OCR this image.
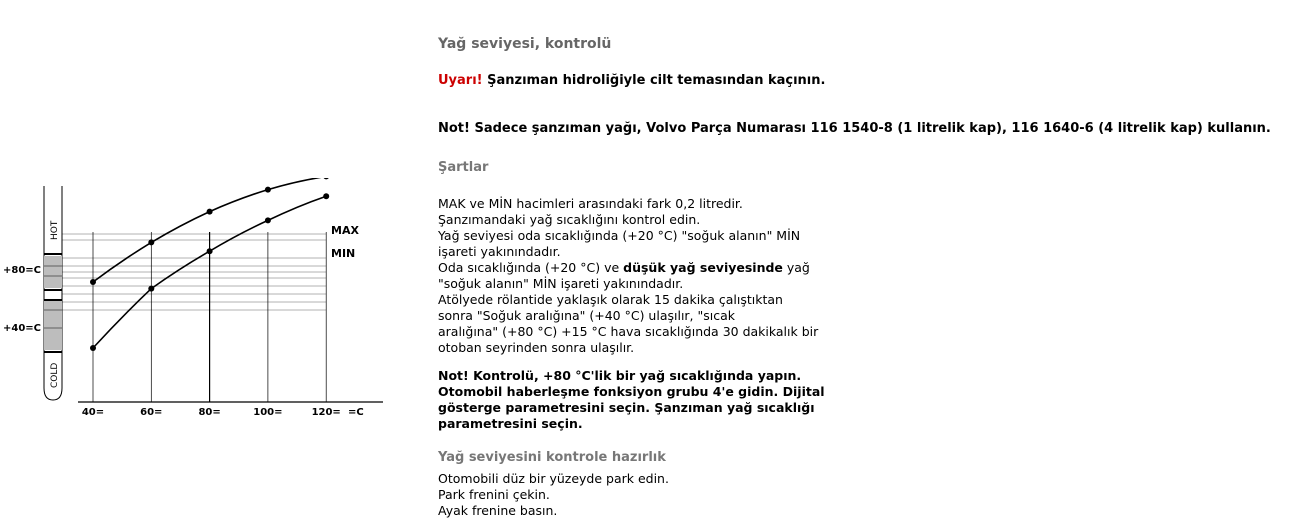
HOT
COLD
+80=C
+40=C
MAX
MIN
40=	60=	80=	100=	120= =C
Yağ seviyesi, kontrolü
Uyarı! Şanzıman hidroliğiyle cilt temasından kaçının.
Not! Sadece şanzıman yağı, Volvo Parça Numarası 116 1540-8 (1 litrelik kap), 116 1640-6 (4 litrelik kap) kullanın.
Şartlar
MAK ve MİN hacimleri arasındaki fark 0,2 litredir.
Şanzımandaki yağ sıcaklığını kontrol edin.
Yağ seviyesi oda sıcaklığında (+20 °C) "soğuk alanın" MİN
işareti yakınındadır.
Oda sıcaklığında (+20 °C) ve düşük yağ seviyesinde yağ
"soğuk alanın" MİN işareti yakınındadır.
Atölyede rölantide yaklaşık olarak 15 dakika çalıştıktan
sonra "Soğuk aralığına" (+40 °C) ulaşılır, "sıcak
aralığına" (+80 °C) +15 °C hava sıcaklığında 30 dakikalık bir
otoban seyrinden sonra ulaşılır.
Not! Kontrolü, +80 °C'lik bir yağ sıcaklığında yapın.
Otomobil haberleşme fonksiyon grubu 4'e gidin. Dijital
gösterge parametresini seçin. Şanzıman yağ sıcaklığı
parametresini seçin.
Yağ seviyesini kontrole hazırlık
Otomobili düz bir yüzeyde park edin.
Park frenini çekin.
Ayak frenine basın.
